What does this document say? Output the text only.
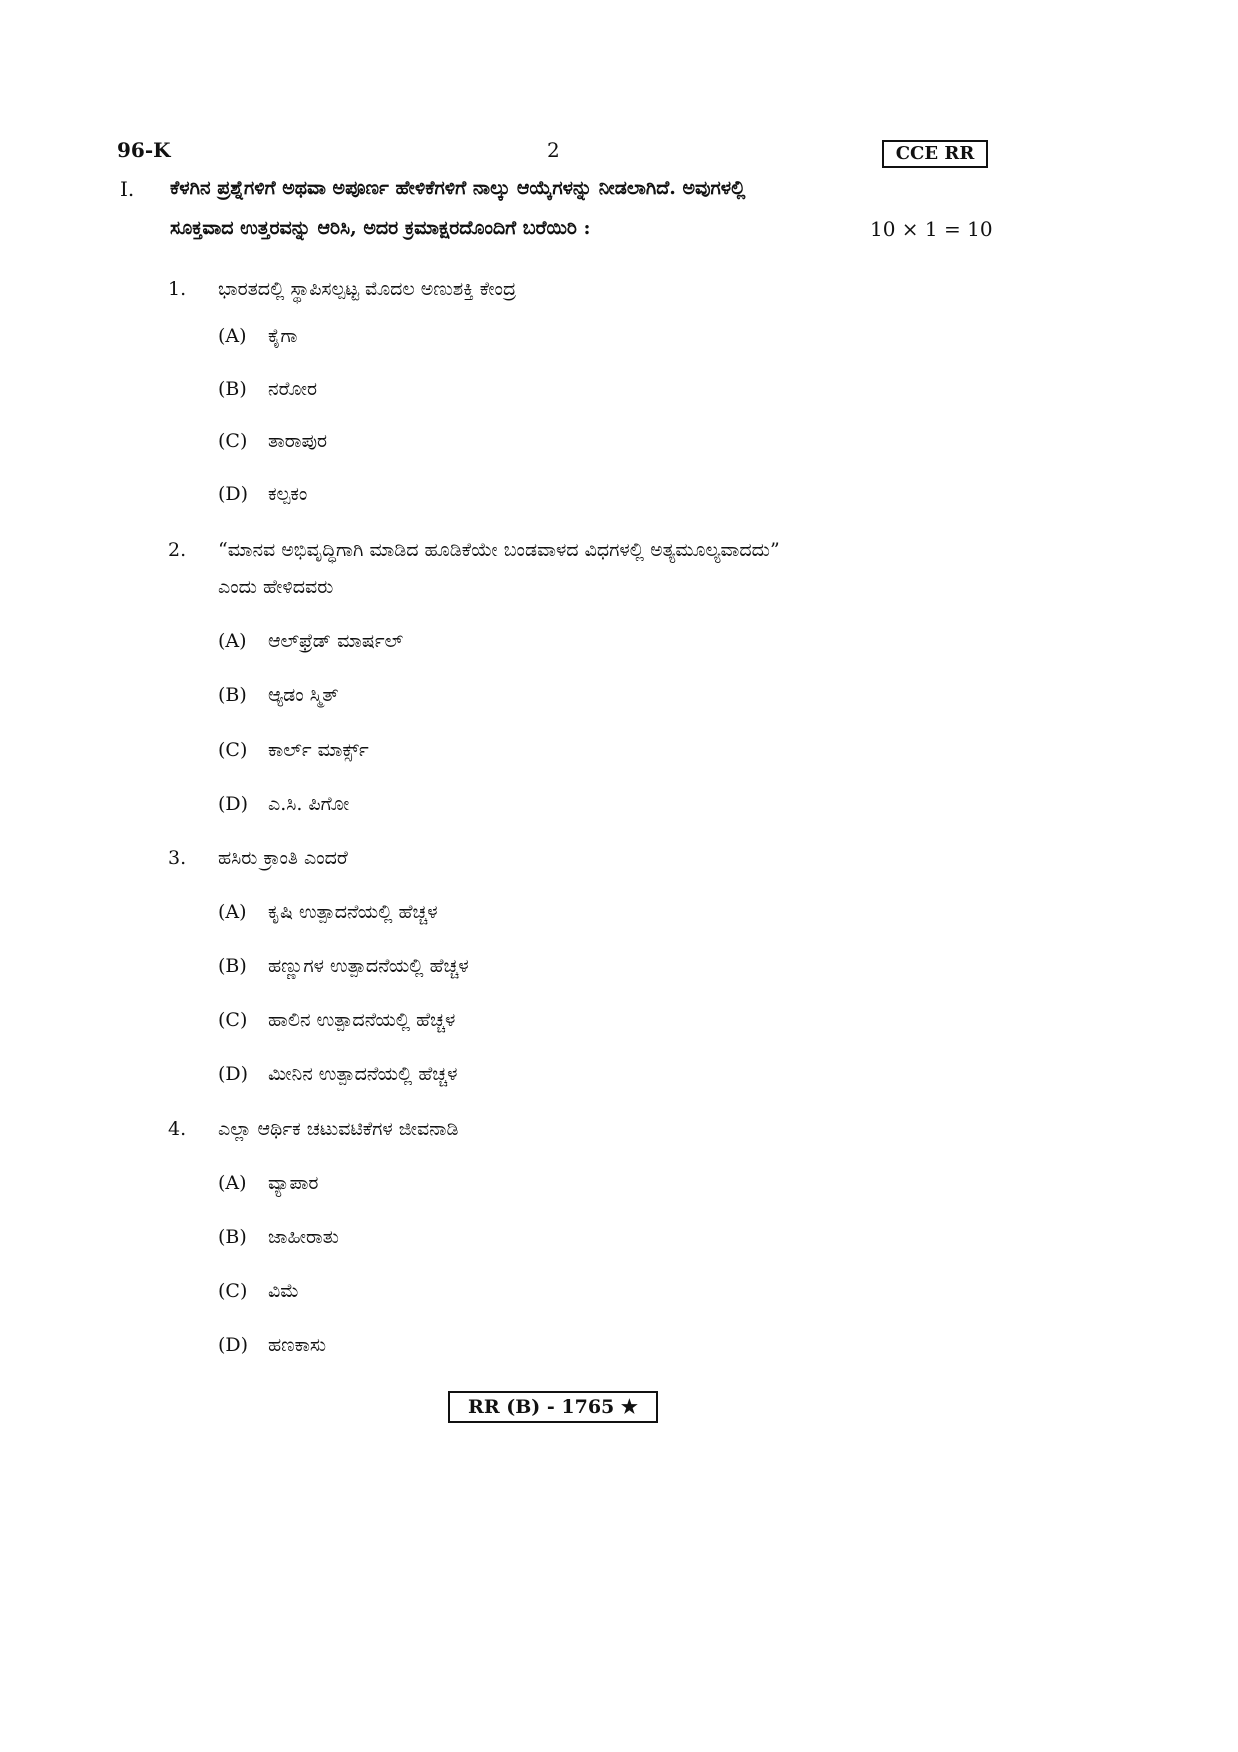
96-K	2	CCE RR
I. ಕೆಳಗಿನ ಪ್ರಶ್ನೆಗಳಿಗೆ ಅಥವಾ ಅಪೂರ್ಣ ಹೇಳಿಕೆಗಳಿಗೆ ನಾಲ್ಕು ಆಯ್ಕೆಗಳನ್ನು ನೀಡಲಾಗಿದೆ. ಅವುಗಳಲ್ಲಿ
ಸೂಕ್ತವಾದ ಉತ್ತರವನ್ನು ಆರಿಸಿ, ಅದರ ಕ್ರಮಾಕ್ಷರದೊಂದಿಗೆ ಬರೆಯಿರಿ :	10 × 1 = 10
1. ಭಾರತದಲ್ಲಿ ಸ್ಥಾಪಿಸಲ್ಪಟ್ಟ ಮೊದಲ ಅಣುಶಕ್ತಿ ಕೇಂದ್ರ
(A) ಕೈಗಾ
(B) ನರೋರ
(C) ತಾರಾಪುರ
(D) ಕಲ್ಪಕಂ
2. “ಮಾನವ ಅಭಿವೃದ್ಧಿಗಾಗಿ ಮಾಡಿದ ಹೂಡಿಕೆಯೇ ಬಂಡವಾಳದ ವಿಧಗಳಲ್ಲಿ ಅತ್ಯಮೂಲ್ಯವಾದದು”
ಎಂದು ಹೇಳಿದವರು
(A) ಆಲ್‌ಫ್ರೆಡ್ ಮಾರ್ಷಲ್
(B) ಆ್ಯಡಂ ಸ್ಮಿತ್
(C) ಕಾರ್ಲ್ ಮಾರ್ಕ್ಸ್
(D) ಎ.ಸಿ. ಪಿಗೋ
3. ಹಸಿರು ಕ್ರಾಂತಿ ಎಂದರೆ
(A) ಕೃಷಿ ಉತ್ಪಾದನೆಯಲ್ಲಿ ಹೆಚ್ಚಳ
(B) ಹಣ್ಣುಗಳ ಉತ್ಪಾದನೆಯಲ್ಲಿ ಹೆಚ್ಚಳ
(C) ಹಾಲಿನ ಉತ್ಪಾದನೆಯಲ್ಲಿ ಹೆಚ್ಚಳ
(D) ಮೀನಿನ ಉತ್ಪಾದನೆಯಲ್ಲಿ ಹೆಚ್ಚಳ
4. ಎಲ್ಲಾ ಆರ್ಥಿಕ ಚಟುವಟಿಕೆಗಳ ಜೀವನಾಡಿ
(A) ವ್ಯಾಪಾರ
(B) ಜಾಹೀರಾತು
(C) ವಿಮೆ
(D) ಹಣಕಾಸು
RR (B) - 1765 ★
